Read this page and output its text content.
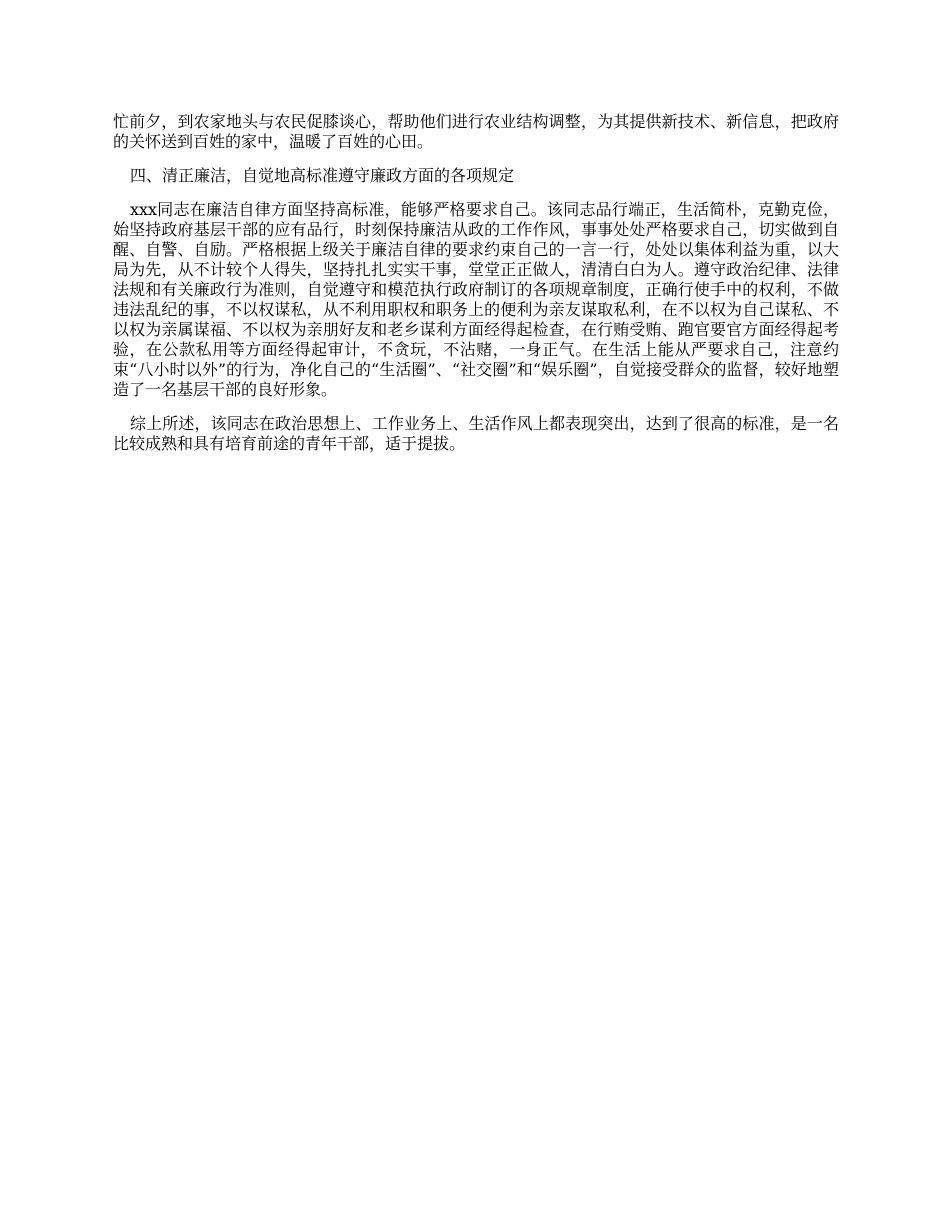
忙前夕，到农家地头与农民促膝谈心，帮助他们进行农业结构调整，为其提供新技术、新信息，把政府的关怀送到百姓的家中，温暖了百姓的心田。

四、清正廉洁，自觉地高标准遵守廉政方面的各项规定

xxx同志在廉洁自律方面坚持高标准，能够严格要求自己。该同志品行端正，生活简朴，克勤克俭，始坚持政府基层干部的应有品行，时刻保持廉洁从政的工作作风，事事处处严格要求自己，切实做到自醒、自警、自励。严格根据上级关于廉洁自律的要求约束自己的一言一行，处处以集体利益为重，以大局为先，从不计较个人得失，坚持扎扎实实干事，堂堂正正做人，清清白白为人。遵守政治纪律、法律法规和有关廉政行为准则，自觉遵守和模范执行政府制订的各项规章制度，正确行使手中的权利，不做违法乱纪的事，不以权谋私，从不利用职权和职务上的便利为亲友谋取私利，在不以权为自己谋私、不以权为亲属谋福、不以权为亲朋好友和老乡谋利方面经得起检查，在行贿受贿、跑官要官方面经得起考验，在公款私用等方面经得起审计，不贪玩，不沾赌，一身正气。在生活上能从严要求自己，注意约束“八小时以外”的行为，净化自己的“生活圈”、“社交圈”和“娱乐圈”，自觉接受群众的监督，较好地塑造了一名基层干部的良好形象。

综上所述，该同志在政治思想上、工作业务上、生活作风上都表现突出，达到了很高的标准，是一名比较成熟和具有培育前途的青年干部，适于提拔。
